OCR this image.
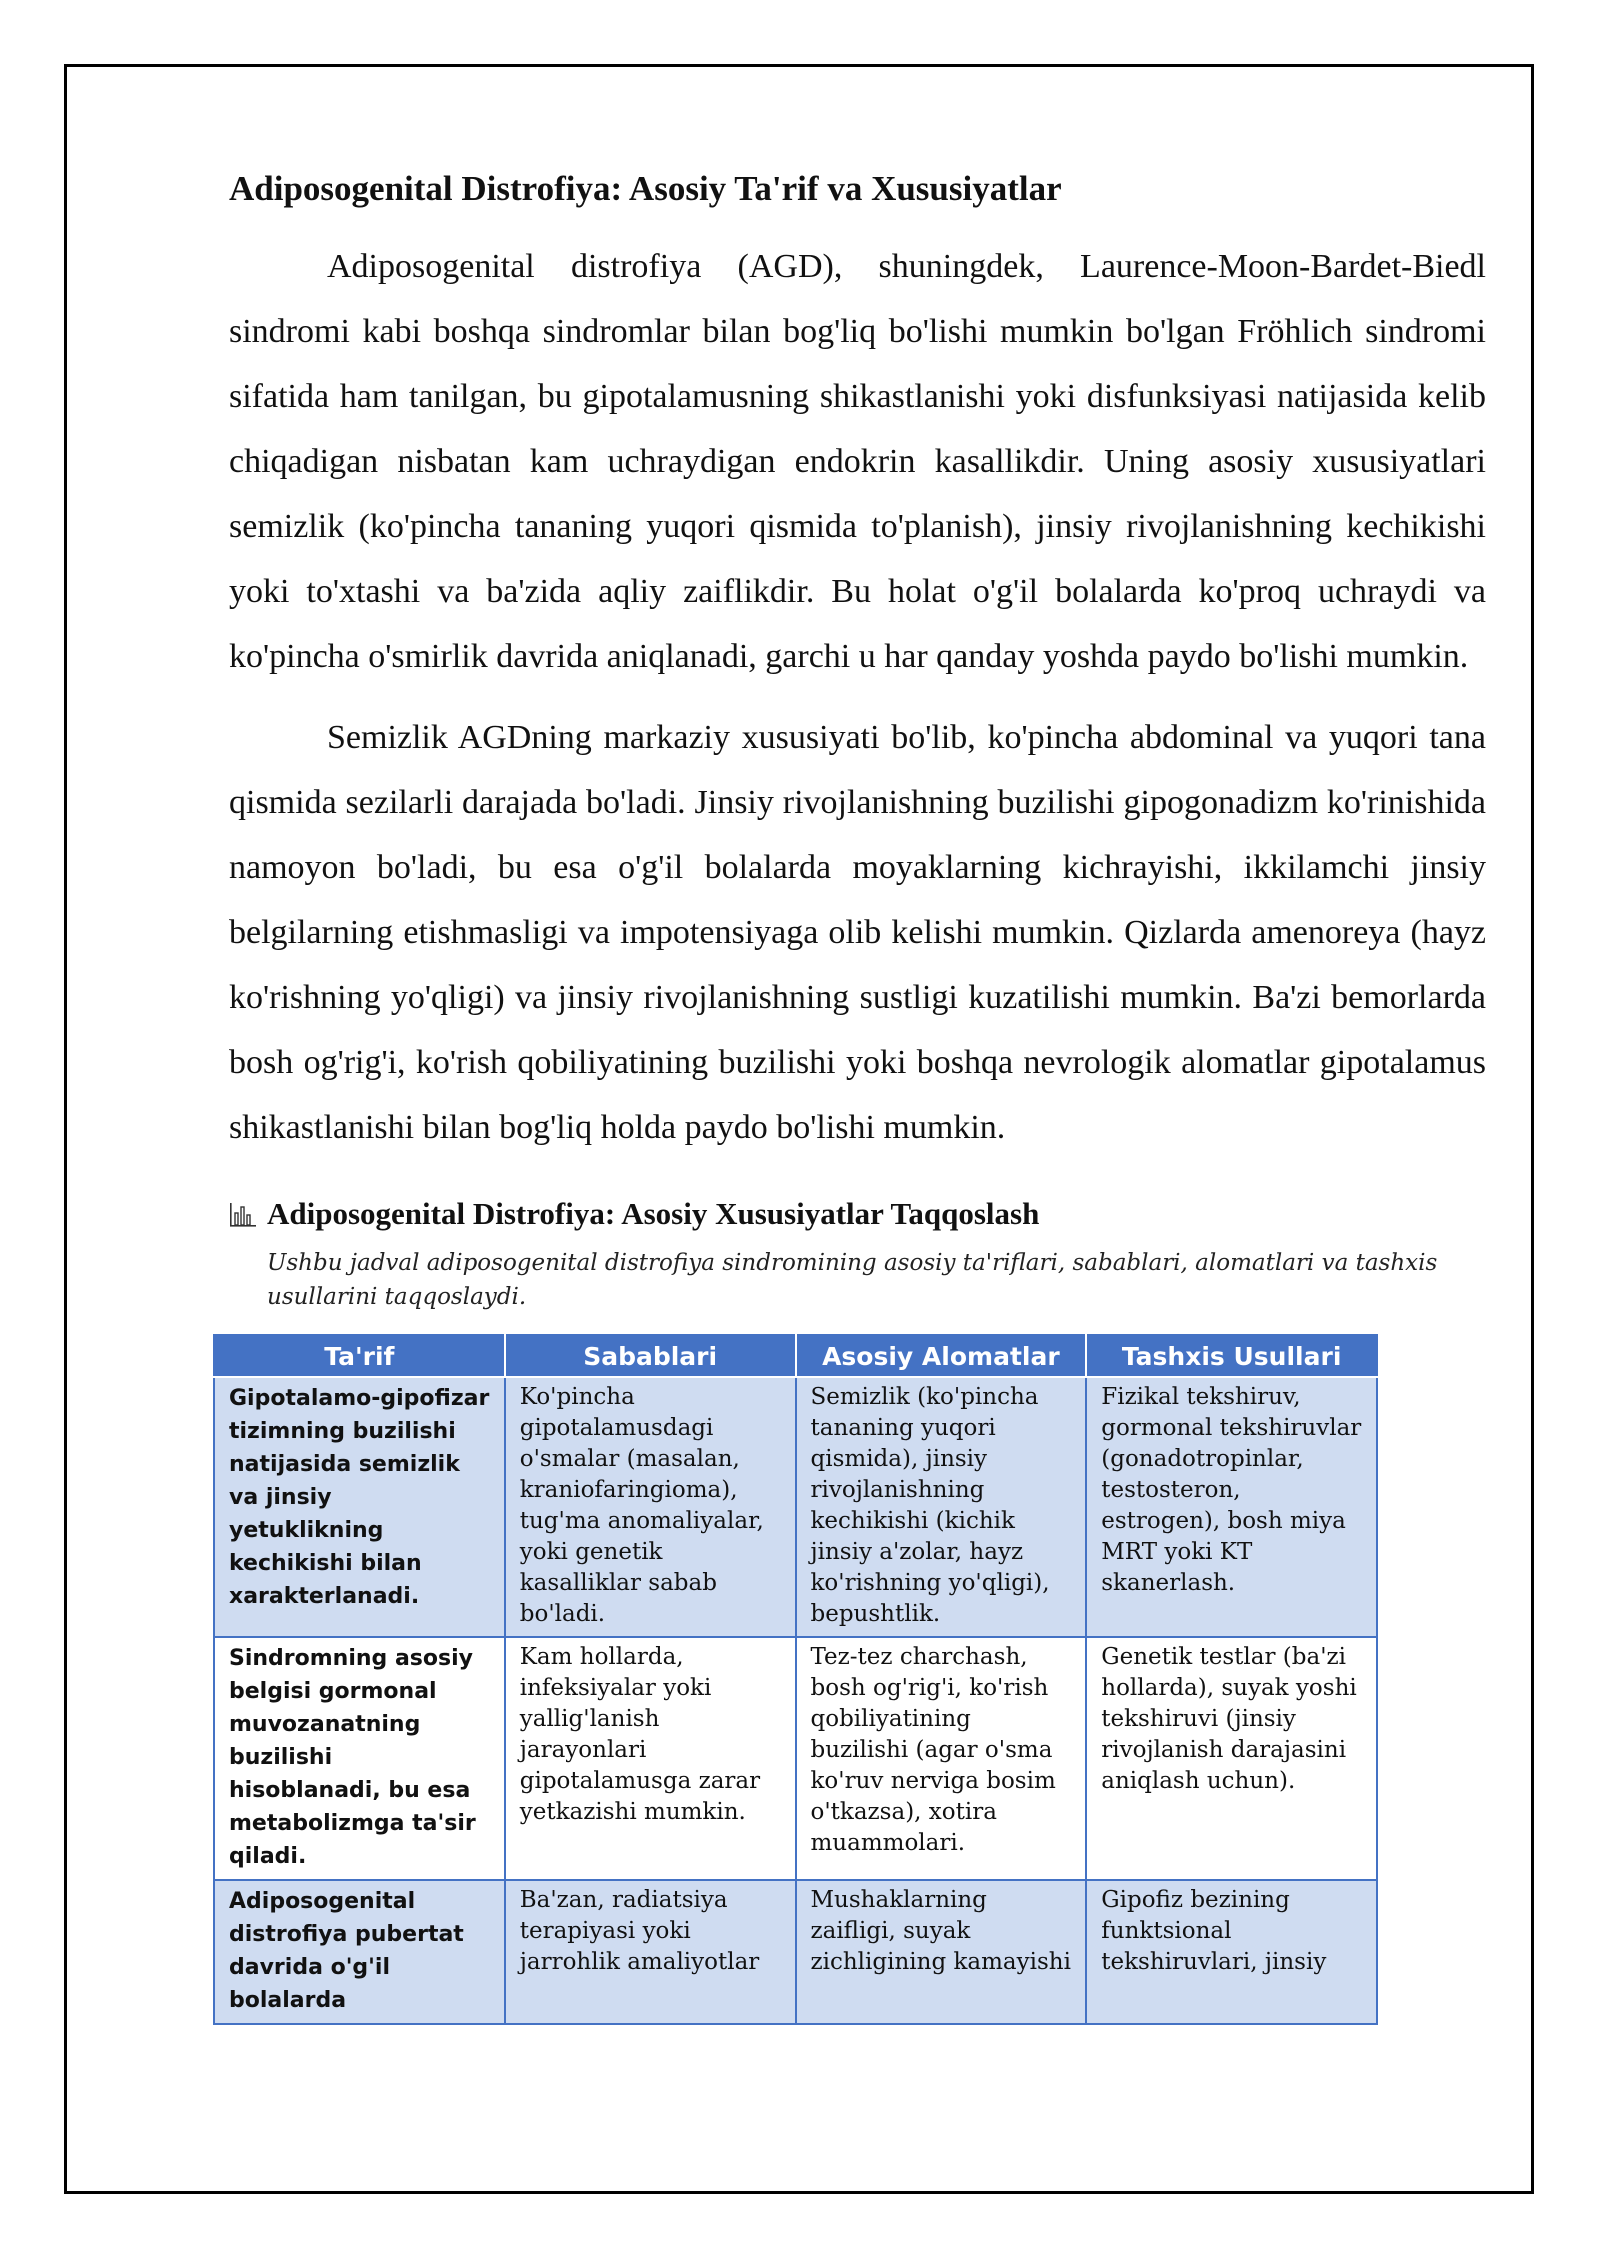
Adiposogenital Distrofiya: Asosiy Ta'rif va Xususiyatlar

Adiposogenital distrofiya (AGD), shuningdek, Laurence-Moon-Bardet-Biedl sindromi kabi boshqa sindromlar bilan bog'liq bo'lishi mumkin bo'lgan Fröhlich sindromi sifatida ham tanilgan, bu gipotalamusning shikastlanishi yoki disfunksiyasi natijasida kelib chiqadigan nisbatan kam uchraydigan endokrin kasallikdir. Uning asosiy xususiyatlari semizlik (ko'pincha tananing yuqori qismida to'planish), jinsiy rivojlanishning kechikishi yoki to'xtashi va ba'zida aqliy zaiflikdir. Bu holat o'g'il bolalarda ko'proq uchraydi va ko'pincha o'smirlik davrida aniqlanadi, garchi u har qanday yoshda paydo bo'lishi mumkin.

Semizlik AGDning markaziy xususiyati bo'lib, ko'pincha abdominal va yuqori tana qismida sezilarli darajada bo'ladi. Jinsiy rivojlanishning buzilishi gipogonadizm ko'rinishida namoyon bo'ladi, bu esa o'g'il bolalarda moyaklarning kichrayishi, ikkilamchi jinsiy belgilarning etishmasligi va impotensiyaga olib kelishi mumkin. Qizlarda amenoreya (hayz ko'rishning yo'qligi) va jinsiy rivojlanishning sustligi kuzatilishi mumkin. Ba'zi bemorlarda bosh og'rig'i, ko'rish qobiliyatining buzilishi yoki boshqa nevrologik alomatlar gipotalamus shikastlanishi bilan bog'liq holda paydo bo'lishi mumkin.

Adiposogenital Distrofiya: Asosiy Xususiyatlar Taqqoslash
Ushbu jadval adiposogenital distrofiya sindromining asosiy ta'riflari, sabablari, alomatlari va tashxis usullarini taqqoslaydi.
Ta'rif	Sabablari	Asosiy Alomatlar	Tashxis Usullari
Gipotalamo-gipofizar tizimning buzilishi natijasida semizlik va jinsiy yetuklikning kechikishi bilan xarakterlanadi.	Ko'pincha gipotalamusdagi o'smalar (masalan, kraniofaringioma), tug'ma anomaliyalar, yoki genetik kasalliklar sabab bo'ladi.	Semizlik (ko'pincha tananing yuqori qismida), jinsiy rivojlanishning kechikishi (kichik jinsiy a'zolar, hayz ko'rishning yo'qligi), bepushtlik.	Fizikal tekshiruv, gormonal tekshiruvlar (gonadotropinlar, testosteron, estrogen), bosh miya MRT yoki KT skanerlash.
Sindromning asosiy belgisi gormonal muvozanatning buzilishi hisoblanadi, bu esa metabolizmga ta'sir qiladi.	Kam hollarda, infeksiyalar yoki yallig'lanish jarayonlari gipotalamusga zarar yetkazishi mumkin.	Tez-tez charchash, bosh og'rig'i, ko'rish qobiliyatining buzilishi (agar o'sma ko'ruv nerviga bosim o'tkazsa), xotira muammolari.	Genetik testlar (ba'zi hollarda), suyak yoshi tekshiruvi (jinsiy rivojlanish darajasini aniqlash uchun).
Adiposogenital distrofiya pubertat davrida o'g'il bolalarda	Ba'zan, radiatsiya terapiyasi yoki jarrohlik amaliyotlar	Mushaklarning zaifligi, suyak zichligining kamayishi	Gipofiz bezining funktsional tekshiruvlari, jinsiy
